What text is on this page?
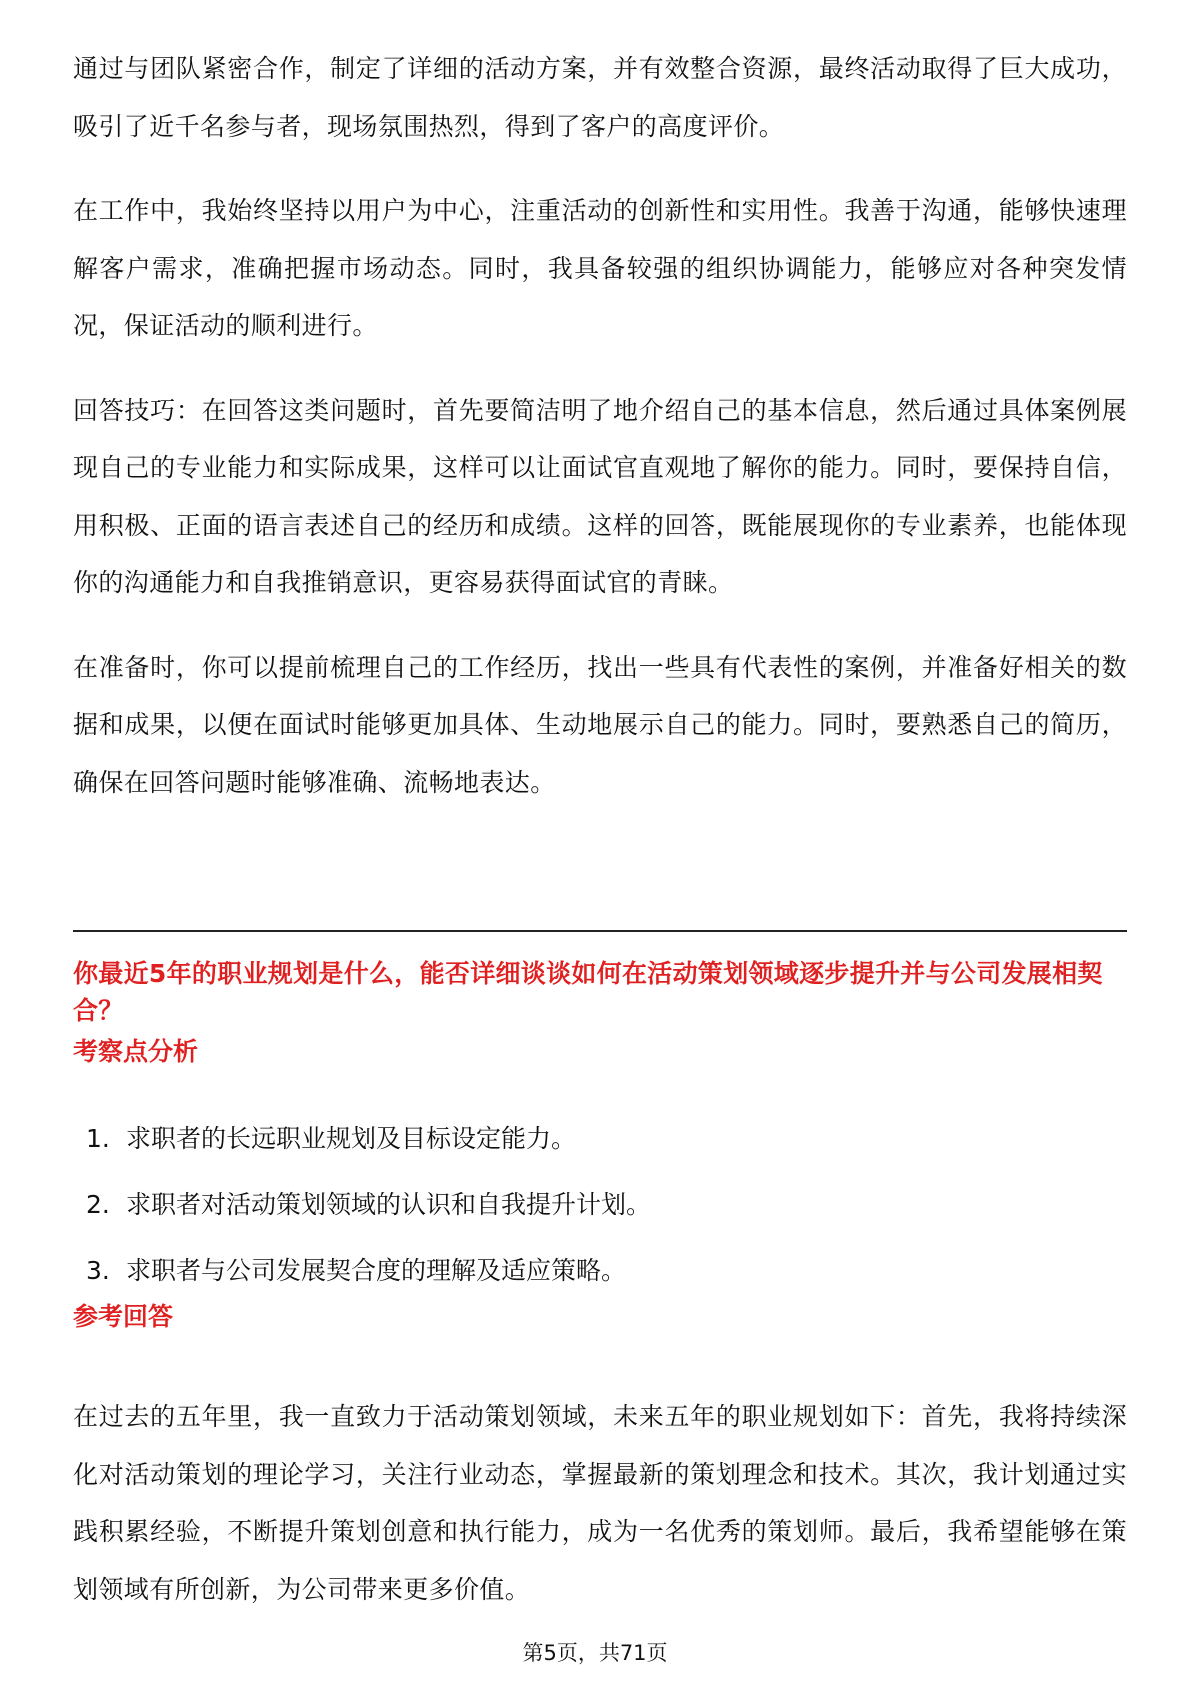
通过与团队紧密合作，制定了详细的活动方案，并有效整合资源，最终活动取得了巨大成功，吸引了近千名参与者，现场氛围热烈，得到了客户的高度评价。

在工作中，我始终坚持以用户为中心，注重活动的创新性和实用性。我善于沟通，能够快速理解客户需求，准确把握市场动态。同时，我具备较强的组织协调能力，能够应对各种突发情况，保证活动的顺利进行。

回答技巧：在回答这类问题时，首先要简洁明了地介绍自己的基本信息，然后通过具体案例展现自己的专业能力和实际成果，这样可以让面试官直观地了解你的能力。同时，要保持自信，用积极、正面的语言表述自己的经历和成绩。这样的回答，既能展现你的专业素养，也能体现你的沟通能力和自我推销意识，更容易获得面试官的青睐。

在准备时，你可以提前梳理自己的工作经历，找出一些具有代表性的案例，并准备好相关的数据和成果，以便在面试时能够更加具体、生动地展示自己的能力。同时，要熟悉自己的简历，确保在回答问题时能够准确、流畅地表达。

你最近5年的职业规划是什么，能否详细谈谈如何在活动策划领域逐步提升并与公司发展相契合？

考察点分析

1. 求职者的长远职业规划及目标设定能力。
2. 求职者对活动策划领域的认识和自我提升计划。
3. 求职者与公司发展契合度的理解及适应策略。

参考回答

在过去的五年里，我一直致力于活动策划领域，未来五年的职业规划如下：首先，我将持续深化对活动策划的理论学习，关注行业动态，掌握最新的策划理念和技术。其次，我计划通过实践积累经验，不断提升策划创意和执行能力，成为一名优秀的策划师。最后，我希望能够在策划领域有所创新，为公司带来更多价值。

第5页，共71页
